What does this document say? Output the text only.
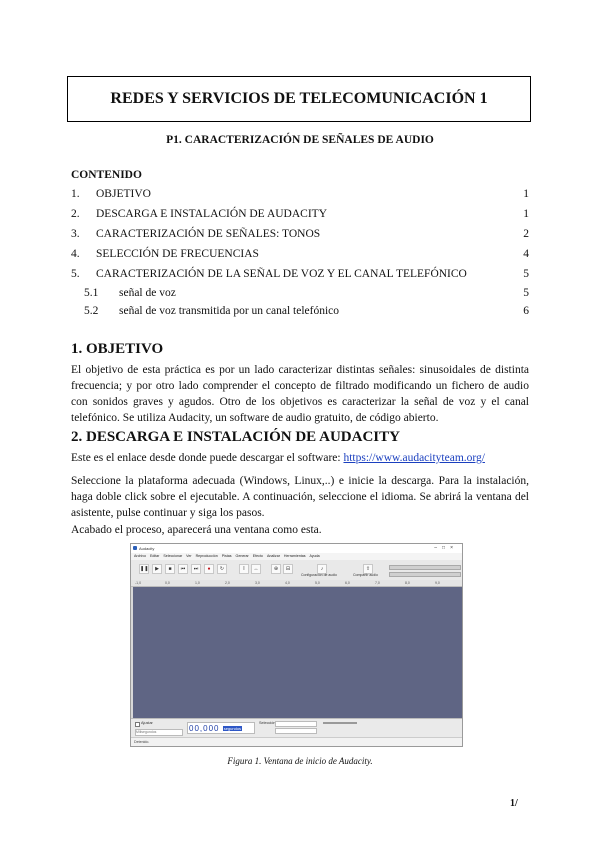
REDES Y SERVICIOS DE TELECOMUNICACIÓN 1
P1. CARACTERIZACIÓN DE SEÑALES DE AUDIO
CONTENIDO
1. OBJETIVO	1
2. DESCARGA E INSTALACIÓN DE AUDACITY	1
3. CARACTERIZACIÓN DE SEÑALES: TONOS	2
4. SELECCIÓN DE FRECUENCIAS	4
5. CARACTERIZACIÓN DE LA SEÑAL DE VOZ Y EL CANAL TELEFÓNICO	5
5.1 señal de voz	5
5.2 señal de voz transmitida por un canal telefónico	6
1. OBJETIVO
El objetivo de esta práctica es por un lado caracterizar distintas señales: sinusoidales de distinta frecuencia; y por otro lado comprender el concepto de filtrado modificando un fichero de audio con sonidos graves y agudos. Otro de los objetivos es caracterizar la señal de voz y el canal telefónico. Se utiliza Audacity, un software de audio gratuito, de código abierto.
2. DESCARGA E INSTALACIÓN DE AUDACITY
Este es el enlace desde donde puede descargar el software: https://www.audacityteam.org/
Seleccione la plataforma adecuada (Windows, Linux,..) e inicie la descarga. Para la instalación, haga doble click sobre el ejecutable. A continuación, seleccione el idioma. Se abrirá la ventana del asistente, pulse continuar y siga los pasos.
Acabado el proceso, aparecerá una ventana como esta.
Audacity	–□×
Archivo Editar Seleccionar Ver Reproducción Pistas Generar Efecto Analizar Herramientas Ayuda
❚❚	▶	■	⏮	⏭	●	↻	I	↔	⊕	⊟	♪
Configuración de audio
⇧
Compartir audio
-1,0	0,0	1,0	2,0	3,0	4,0	5,0	6,0	7,0	8,0	9,0
Ajustar
Milisegundos	00,000 segundos
Selección
Detenido.
Figura 1. Ventana de inicio de Audacity.
1/
